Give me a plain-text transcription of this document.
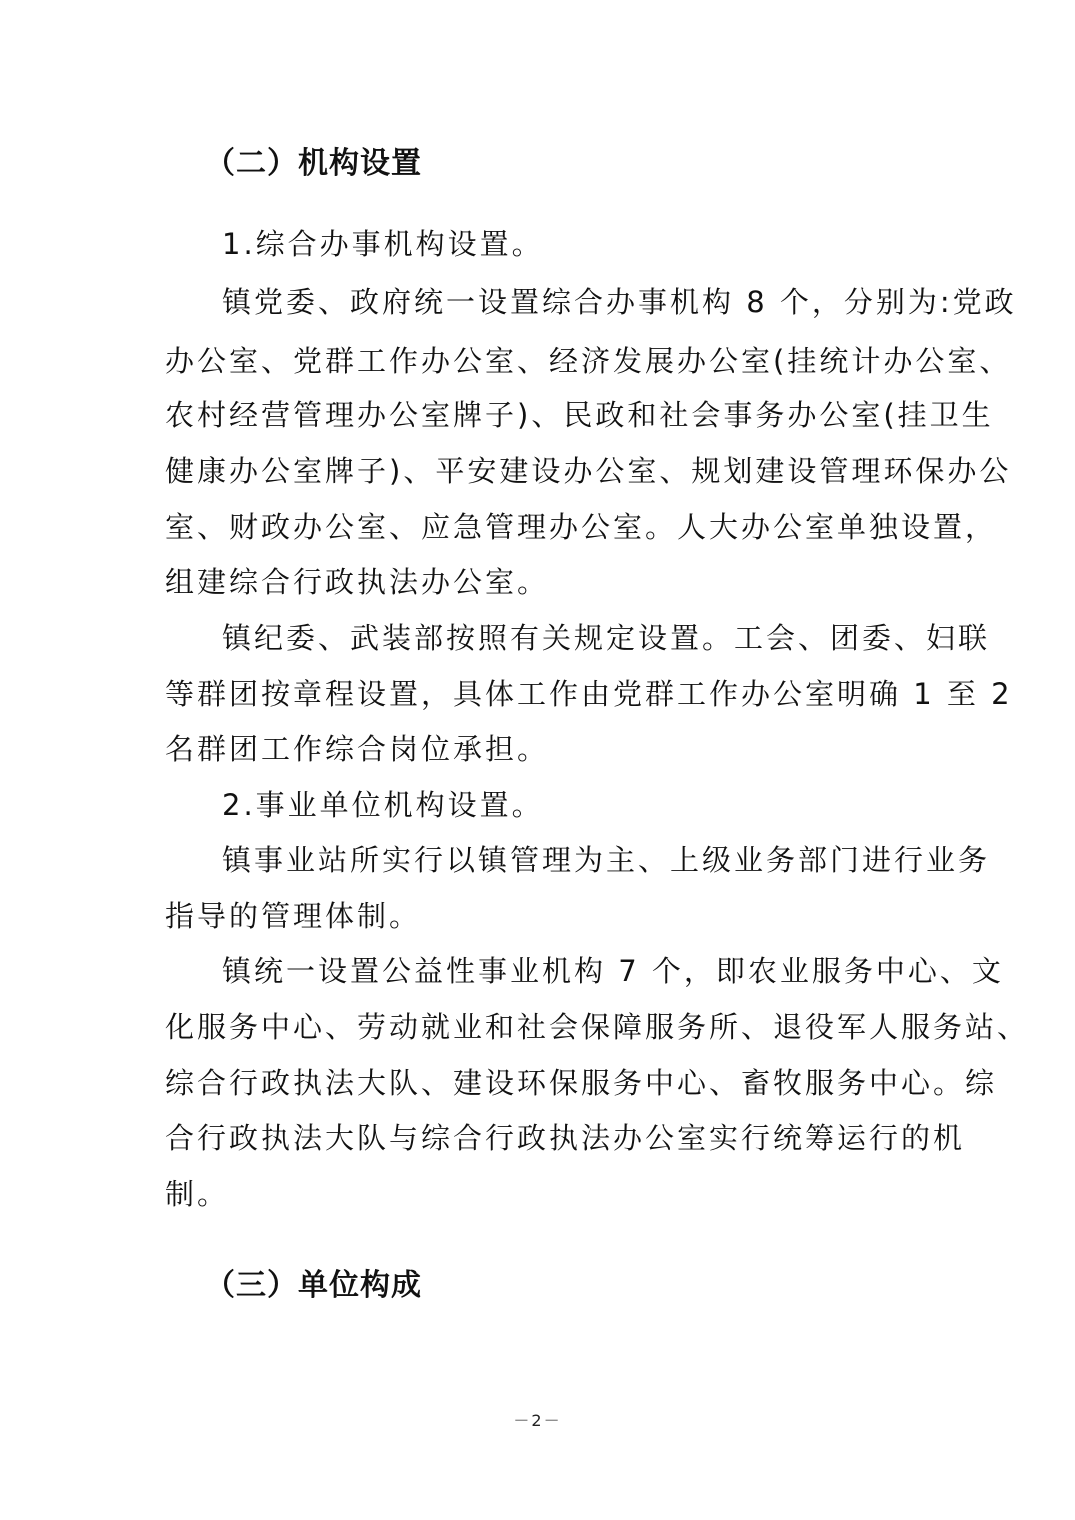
（二）机构设置
1.综合办事机构设置。
镇党委、政府统一设置综合办事机构 8 个，分别为:党政
办公室、党群工作办公室、经济发展办公室(挂统计办公室、
农村经营管理办公室牌子)、民政和社会事务办公室(挂卫生
健康办公室牌子)、平安建设办公室、规划建设管理环保办公
室、财政办公室、应急管理办公室。人大办公室单独设置，
组建综合行政执法办公室。
镇纪委、武装部按照有关规定设置。工会、团委、妇联
等群团按章程设置，具体工作由党群工作办公室明确 1 至 2
名群团工作综合岗位承担。
2.事业单位机构设置。
镇事业站所实行以镇管理为主、上级业务部门进行业务
指导的管理体制。
镇统一设置公益性事业机构 7 个，即农业服务中心、文
化服务中心、劳动就业和社会保障服务所、退役军人服务站、
综合行政执法大队、建设环保服务中心、畜牧服务中心。综
合行政执法大队与综合行政执法办公室实行统筹运行的机
制。
（三）单位构成
－2－
